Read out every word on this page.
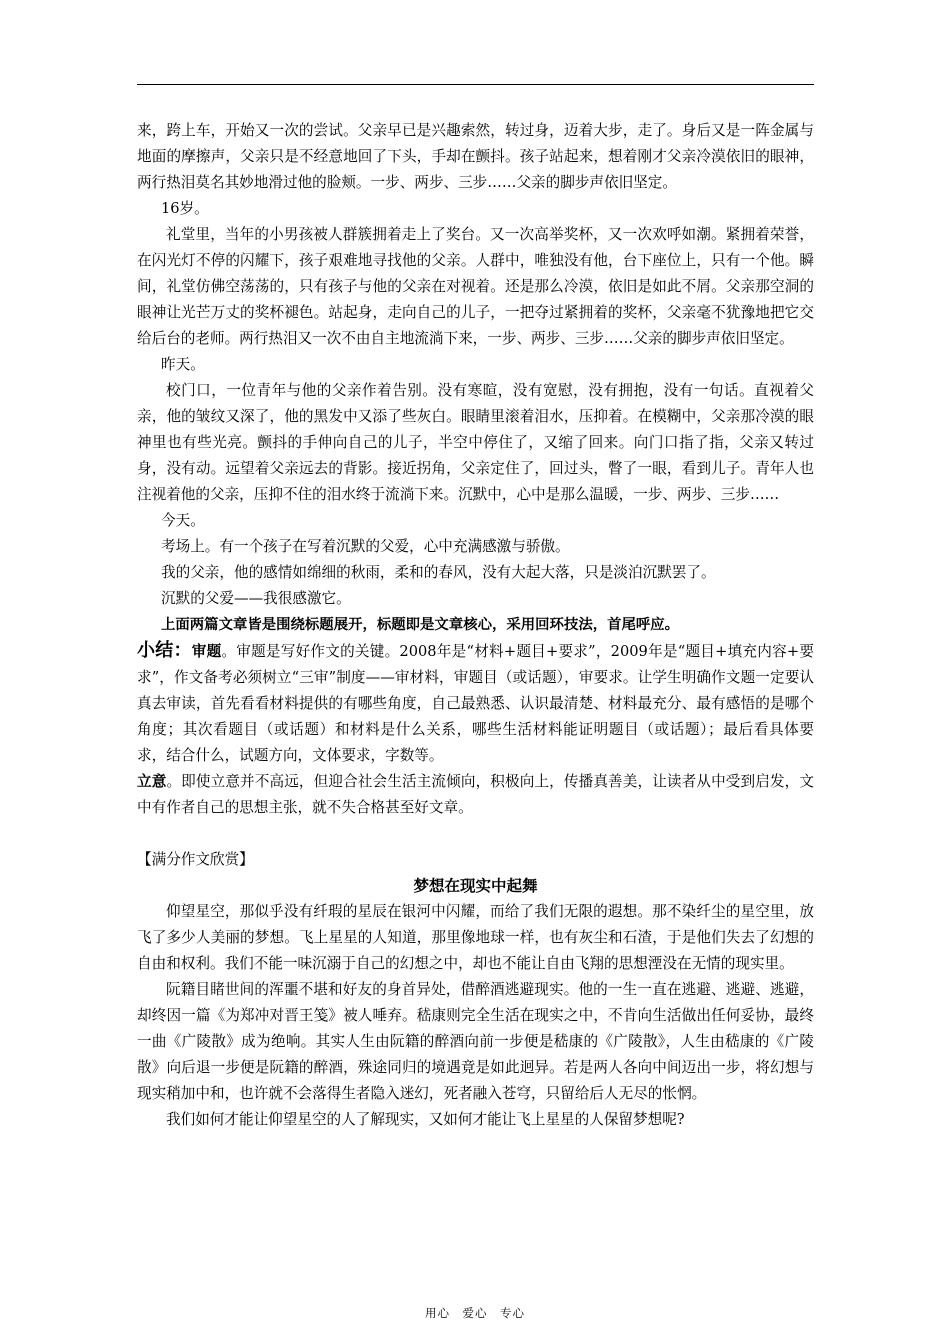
来，跨上车，开始又一次的尝试。父亲早已是兴趣索然，转过身，迈着大步，走了。身后又是一阵金属与地面的摩擦声，父亲只是不经意地回了下头，手却在颤抖。孩子站起来，想着刚才父亲冷漠依旧的眼神，两行热泪莫名其妙地滑过他的脸颊。一步、两步、三步……父亲的脚步声依旧坚定。

16岁。

礼堂里，当年的小男孩被人群簇拥着走上了奖台。又一次高举奖杯，又一次欢呼如潮。紧拥着荣誉，在闪光灯不停的闪耀下，孩子艰难地寻找他的父亲。人群中，唯独没有他，台下座位上，只有一个他。瞬间，礼堂仿佛空荡荡的，只有孩子与他的父亲在对视着。还是那么冷漠，依旧是如此不屑。父亲那空洞的眼神让光芒万丈的奖杯褪色。站起身，走向自己的儿子，一把夺过紧拥着的奖杯，父亲毫不犹豫地把它交给后台的老师。两行热泪又一次不由自主地流淌下来，一步、两步、三步……父亲的脚步声依旧坚定。

昨天。

校门口，一位青年与他的父亲作着告别。没有寒暄，没有宽慰，没有拥抱，没有一句话。直视着父亲，他的皱纹又深了，他的黑发中又添了些灰白。眼睛里滚着泪水，压抑着。在模糊中，父亲那冷漠的眼神里也有些光亮。颤抖的手伸向自己的儿子，半空中停住了，又缩了回来。向门口指了指，父亲又转过身，没有动。远望着父亲远去的背影。接近拐角，父亲定住了，回过头，瞥了一眼，看到儿子。青年人也注视着他的父亲，压抑不住的泪水终于流淌下来。沉默中，心中是那么温暖，一步、两步、三步……

今天。

考场上。有一个孩子在写着沉默的父爱，心中充满感激与骄傲。

我的父亲，他的感情如绵细的秋雨，柔和的春风，没有大起大落，只是淡泊沉默罢了。

沉默的父爱——我很感激它。

上面两篇文章皆是围绕标题展开，标题即是文章核心，采用回环技法，首尾呼应。

小结：审题。审题是写好作文的关键。2008年是“材料+题目+要求”，2009年是“题目+填充内容+要求”，作文备考必须树立“三审”制度——审材料，审题目（或话题），审要求。让学生明确作文题一定要认真去审读，首先看看材料提供的有哪些角度，自己最熟悉、认识最清楚、材料最充分、最有感悟的是哪个角度；其次看题目（或话题）和材料是什么关系，哪些生活材料能证明题目（或话题）；最后看具体要求，结合什么，试题方向，文体要求，字数等。

立意。即使立意并不高远，但迎合社会生活主流倾向，积极向上，传播真善美，让读者从中受到启发，文中有作者自己的思想主张，就不失合格甚至好文章。

【满分作文欣赏】

梦想在现实中起舞

仰望星空，那似乎没有纤瑕的星辰在银河中闪耀，而给了我们无限的遐想。那不染纤尘的星空里，放飞了多少人美丽的梦想。飞上星星的人知道，那里像地球一样，也有灰尘和石渣，于是他们失去了幻想的自由和权利。我们不能一味沉溺于自己的幻想之中，却也不能让自由飞翔的思想湮没在无情的现实里。

阮籍目睹世间的浑噩不堪和好友的身首异处，借醉酒逃避现实。他的一生一直在逃避、逃避、逃避，却终因一篇《为郑冲对晋王笺》被人唾弃。嵇康则完全生活在现实之中，不肯向生活做出任何妥协，最终一曲《广陵散》成为绝响。其实人生由阮籍的醉酒向前一步便是嵇康的《广陵散》，人生由嵇康的《广陵散》向后退一步便是阮籍的醉酒，殊途同归的境遇竟是如此迥异。若是两人各向中间迈出一步，将幻想与现实稍加中和，也许就不会落得生者隐入迷幻，死者融入苍穹，只留给后人无尽的怅惘。

我们如何才能让仰望星空的人了解现实，又如何才能让飞上星星的人保留梦想呢?

用心　爱心　专心
